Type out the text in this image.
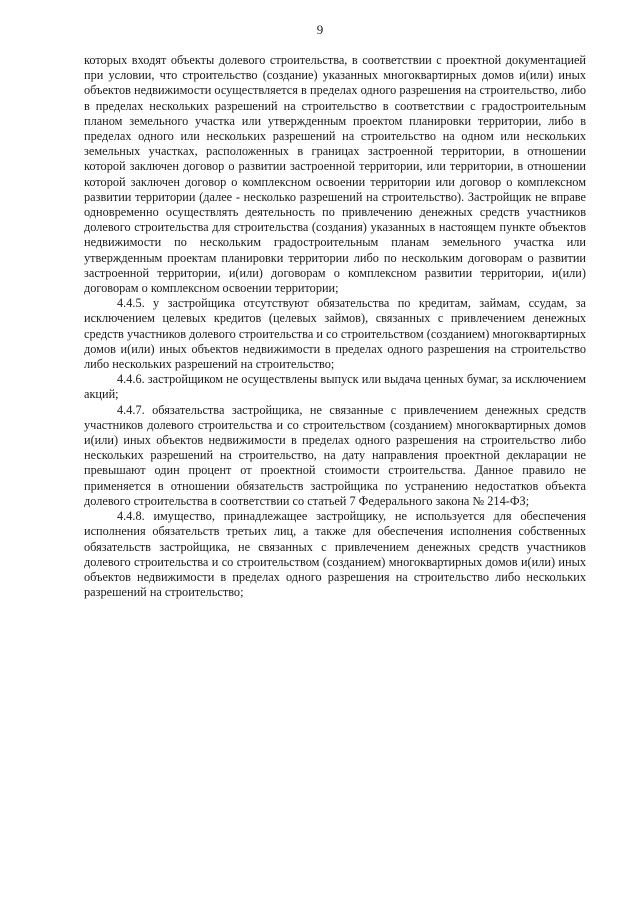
9

которых входят объекты долевого строительства, в соответствии с проектной документацией при условии, что строительство (создание) указанных многоквартирных домов и(или) иных объектов недвижимости осуществляется в пределах одного разрешения на строительство, либо в пределах нескольких разрешений на строительство в соответствии с градостроительным планом земельного участка или утвержденным проектом планировки территории, либо в пределах одного или нескольких разрешений на строительство на одном или нескольких земельных участках, расположенных в границах застроенной территории, в отношении которой заключен договор о развитии застроенной территории, или территории, в отношении которой заключен договор о комплексном освоении территории или договор о комплексном развитии территории (далее - несколько разрешений на строительство). Застройщик не вправе одновременно осуществлять деятельность по привлечению денежных средств участников долевого строительства для строительства (создания) указанных в настоящем пункте объектов недвижимости по нескольким градостроительным планам земельного участка или утвержденным проектам планировки территории либо по нескольким договорам о развитии застроенной территории, и(или) договорам о комплексном развитии территории, и(или) договорам о комплексном освоении территории;

4.4.5. у застройщика отсутствуют обязательства по кредитам, займам, ссудам, за исключением целевых кредитов (целевых займов), связанных с привлечением денежных средств участников долевого строительства и со строительством (созданием) многоквартирных домов и(или) иных объектов недвижимости в пределах одного разрешения на строительство либо нескольких разрешений на строительство;

4.4.6. застройщиком не осуществлены выпуск или выдача ценных бумаг, за исключением акций;

4.4.7. обязательства застройщика, не связанные с привлечением денежных средств участников долевого строительства и со строительством (созданием) многоквартирных домов и(или) иных объектов недвижимости в пределах одного разрешения на строительство либо нескольких разрешений на строительство, на дату направления проектной декларации не превышают один процент от проектной стоимости строительства. Данное правило не применяется в отношении обязательств застройщика по устранению недостатков объекта долевого строительства в соответствии со статьей 7 Федерального закона № 214-ФЗ;

4.4.8. имущество, принадлежащее застройщику, не используется для обеспечения исполнения обязательств третьих лиц, а также для обеспечения исполнения собственных обязательств застройщика, не связанных с привлечением денежных средств участников долевого строительства и со строительством (созданием) многоквартирных домов и(или) иных объектов недвижимости в пределах одного разрешения на строительство либо нескольких разрешений на строительство;
